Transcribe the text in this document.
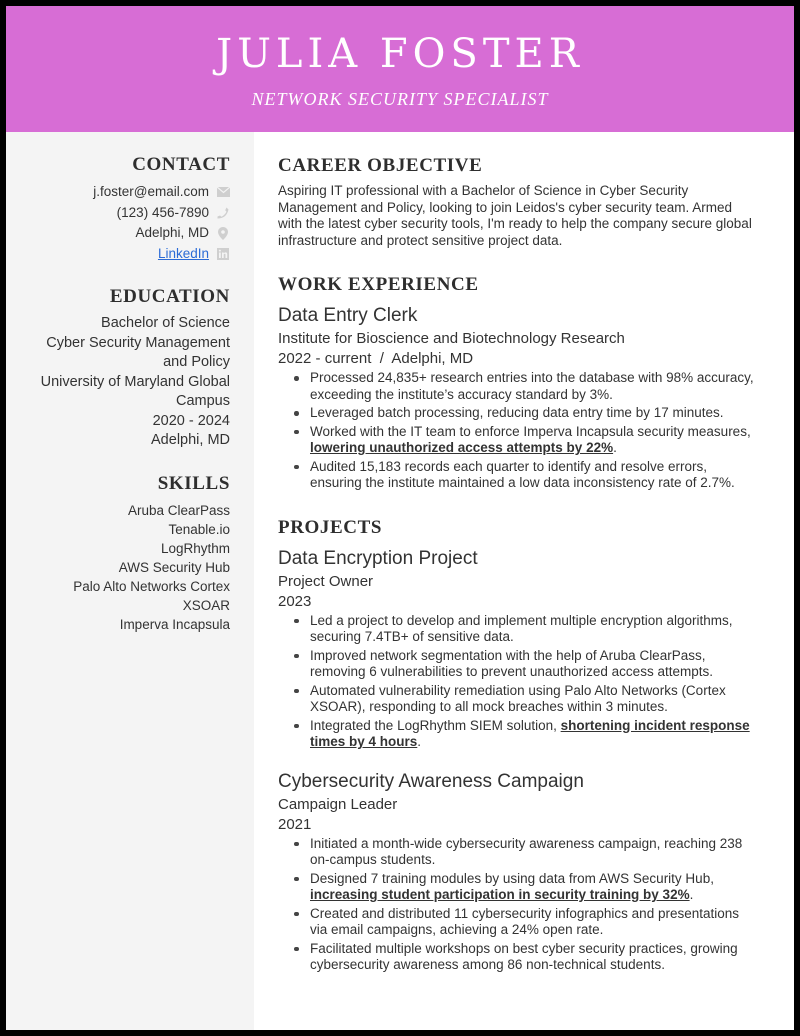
JULIA FOSTER
NETWORK SECURITY SPECIALIST
CONTACT
j.foster@email.com
(123) 456-7890
Adelphi, MD
LinkedIn
EDUCATION
Bachelor of Science
Cyber Security Management
and Policy
University of Maryland Global
Campus
2020 - 2024
Adelphi, MD
SKILLS
Aruba ClearPass
Tenable.io
LogRhythm
AWS Security Hub
Palo Alto Networks Cortex
XSOAR
Imperva Incapsula
CAREER OBJECTIVE

Aspiring IT professional with a Bachelor of Science in Cyber Security Management and Policy, looking to join Leidos's cyber security team. Armed with the latest cyber security tools, I'm ready to help the company secure global infrastructure and protect sensitive project data.

WORK EXPERIENCE
Data Entry Clerk
Institute for Bioscience and Biotechnology Research
2022 - current  /  Adelphi, MD
Processed 24,835+ research entries into the database with 98% accuracy, exceeding the institute’s accuracy standard by 3%.
Leveraged batch processing, reducing data entry time by 17 minutes.
Worked with the IT team to enforce Imperva Incapsula security measures, lowering unauthorized access attempts by 22%.
Audited 15,183 records each quarter to identify and resolve errors, ensuring the institute maintained a low data inconsistency rate of 2.7%.
PROJECTS
Data Encryption Project
Project Owner
2023
Led a project to develop and implement multiple encryption algorithms, securing 7.4TB+ of sensitive data.
Improved network segmentation with the help of Aruba ClearPass, removing 6 vulnerabilities to prevent unauthorized access attempts.
Automated vulnerability remediation using Palo Alto Networks (Cortex XSOAR), responding to all mock breaches within 3 minutes.
Integrated the LogRhythm SIEM solution, shortening incident response times by 4 hours.
Cybersecurity Awareness Campaign
Campaign Leader
2021
Initiated a month-wide cybersecurity awareness campaign, reaching 238 on-campus students.
Designed 7 training modules by using data from AWS Security Hub, increasing student participation in security training by 32%.
Created and distributed 11 cybersecurity infographics and presentations via email campaigns, achieving a 24% open rate.
Facilitated multiple workshops on best cyber security practices, growing cybersecurity awareness among 86 non-technical students.
